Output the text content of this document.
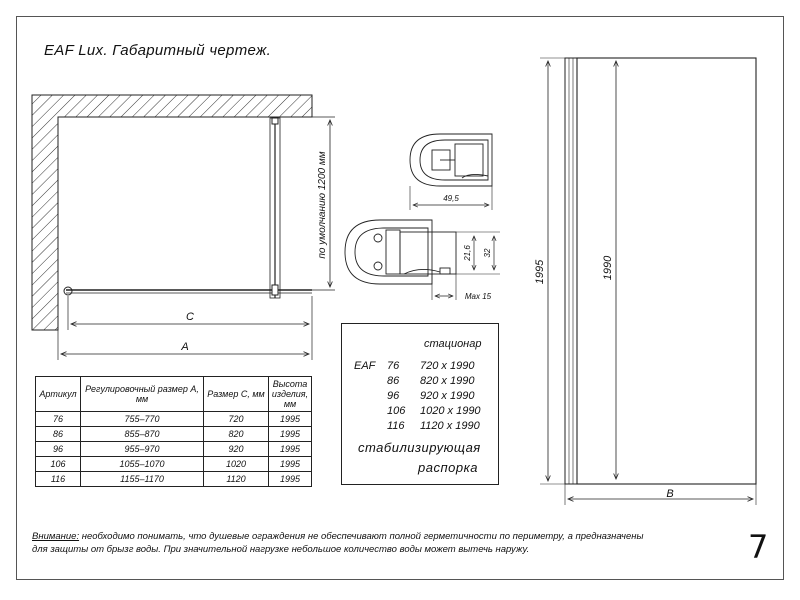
EAF Lux. Габаритный чертеж.
по умолчанию 1200 мм
C
A
49,5
21,6 32
Max 15
1995	1990
B
Артикул	Регулировочный размер А, мм	Размер С, мм	Высота изделия, мм
76	755–770	720	1995
86	855–870	820	1995
96	955–970	920	1995
106	1055–1070	1020	1995
116	1155–1170	1120	1995
стационар
EAF 76 720 x 1990
86 820 x 1990
96 920 x 1990
106 1020 x 1990
116 1120 x 1990
стабилизирующая
распорка
Внимание: необходимо понимать, что душевые ограждения не обеспечивают полной герметичности по периметру, а предназначены
для защиты от брызг воды. При значительной нагрузке небольшое количество воды может вытечь наружу.	7
